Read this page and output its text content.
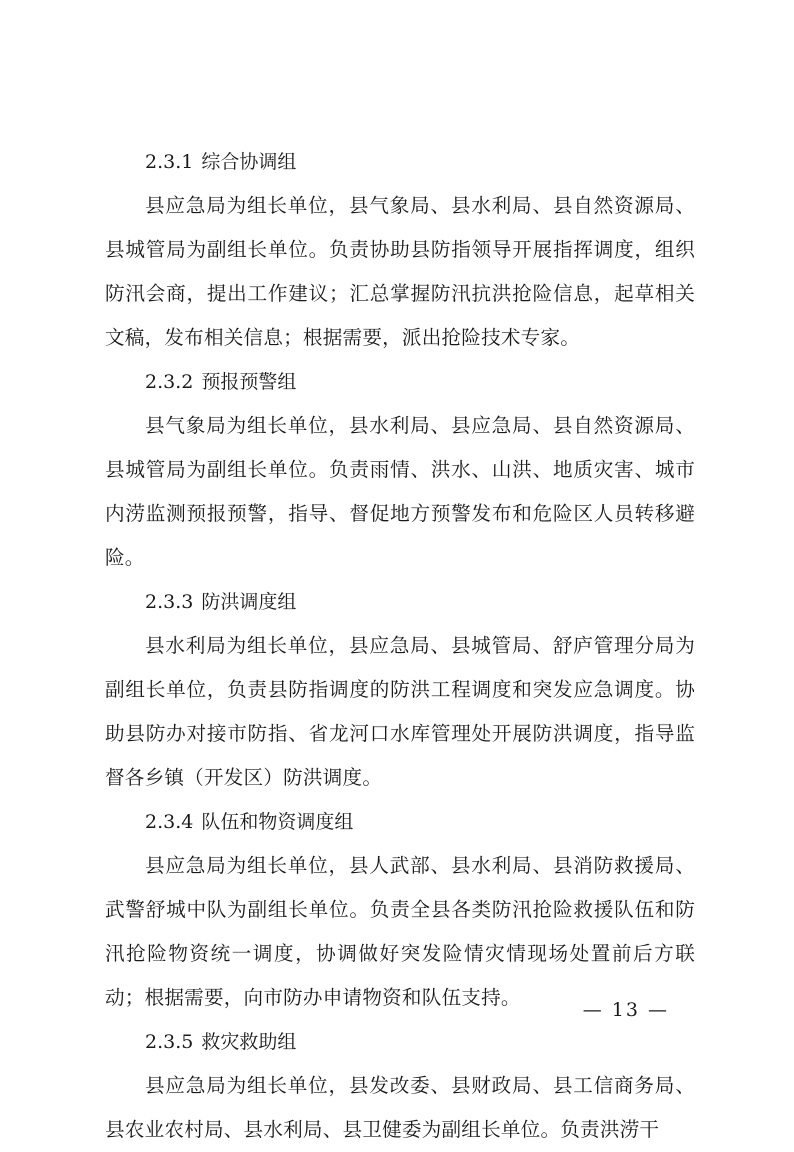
2.3.1 综合协调组

县应急局为组长单位，县气象局、县水利局、县自然资源局、县城管局为副组长单位。负责协助县防指领导开展指挥调度，组织防汛会商，提出工作建议；汇总掌握防汛抗洪抢险信息，起草相关文稿，发布相关信息；根据需要，派出抢险技术专家。

2.3.2 预报预警组

县气象局为组长单位，县水利局、县应急局、县自然资源局、县城管局为副组长单位。负责雨情、洪水、山洪、地质灾害、城市内涝监测预报预警，指导、督促地方预警发布和危险区人员转移避险。

2.3.3 防洪调度组

县水利局为组长单位，县应急局、县城管局、舒庐管理分局为副组长单位，负责县防指调度的防洪工程调度和突发应急调度。协助县防办对接市防指、省龙河口水库管理处开展防洪调度，指导监督各乡镇（开发区）防洪调度。

2.3.4 队伍和物资调度组

县应急局为组长单位，县人武部、县水利局、县消防救援局、武警舒城中队为副组长单位。负责全县各类防汛抢险救援队伍和防汛抢险物资统一调度，协调做好突发险情灾情现场处置前后方联动；根据需要，向市防办申请物资和队伍支持。

2.3.5 救灾救助组

县应急局为组长单位，县发改委、县财政局、县工信商务局、县农业农村局、县水利局、县卫健委为副组长单位。负责洪涝干

— 13 —
